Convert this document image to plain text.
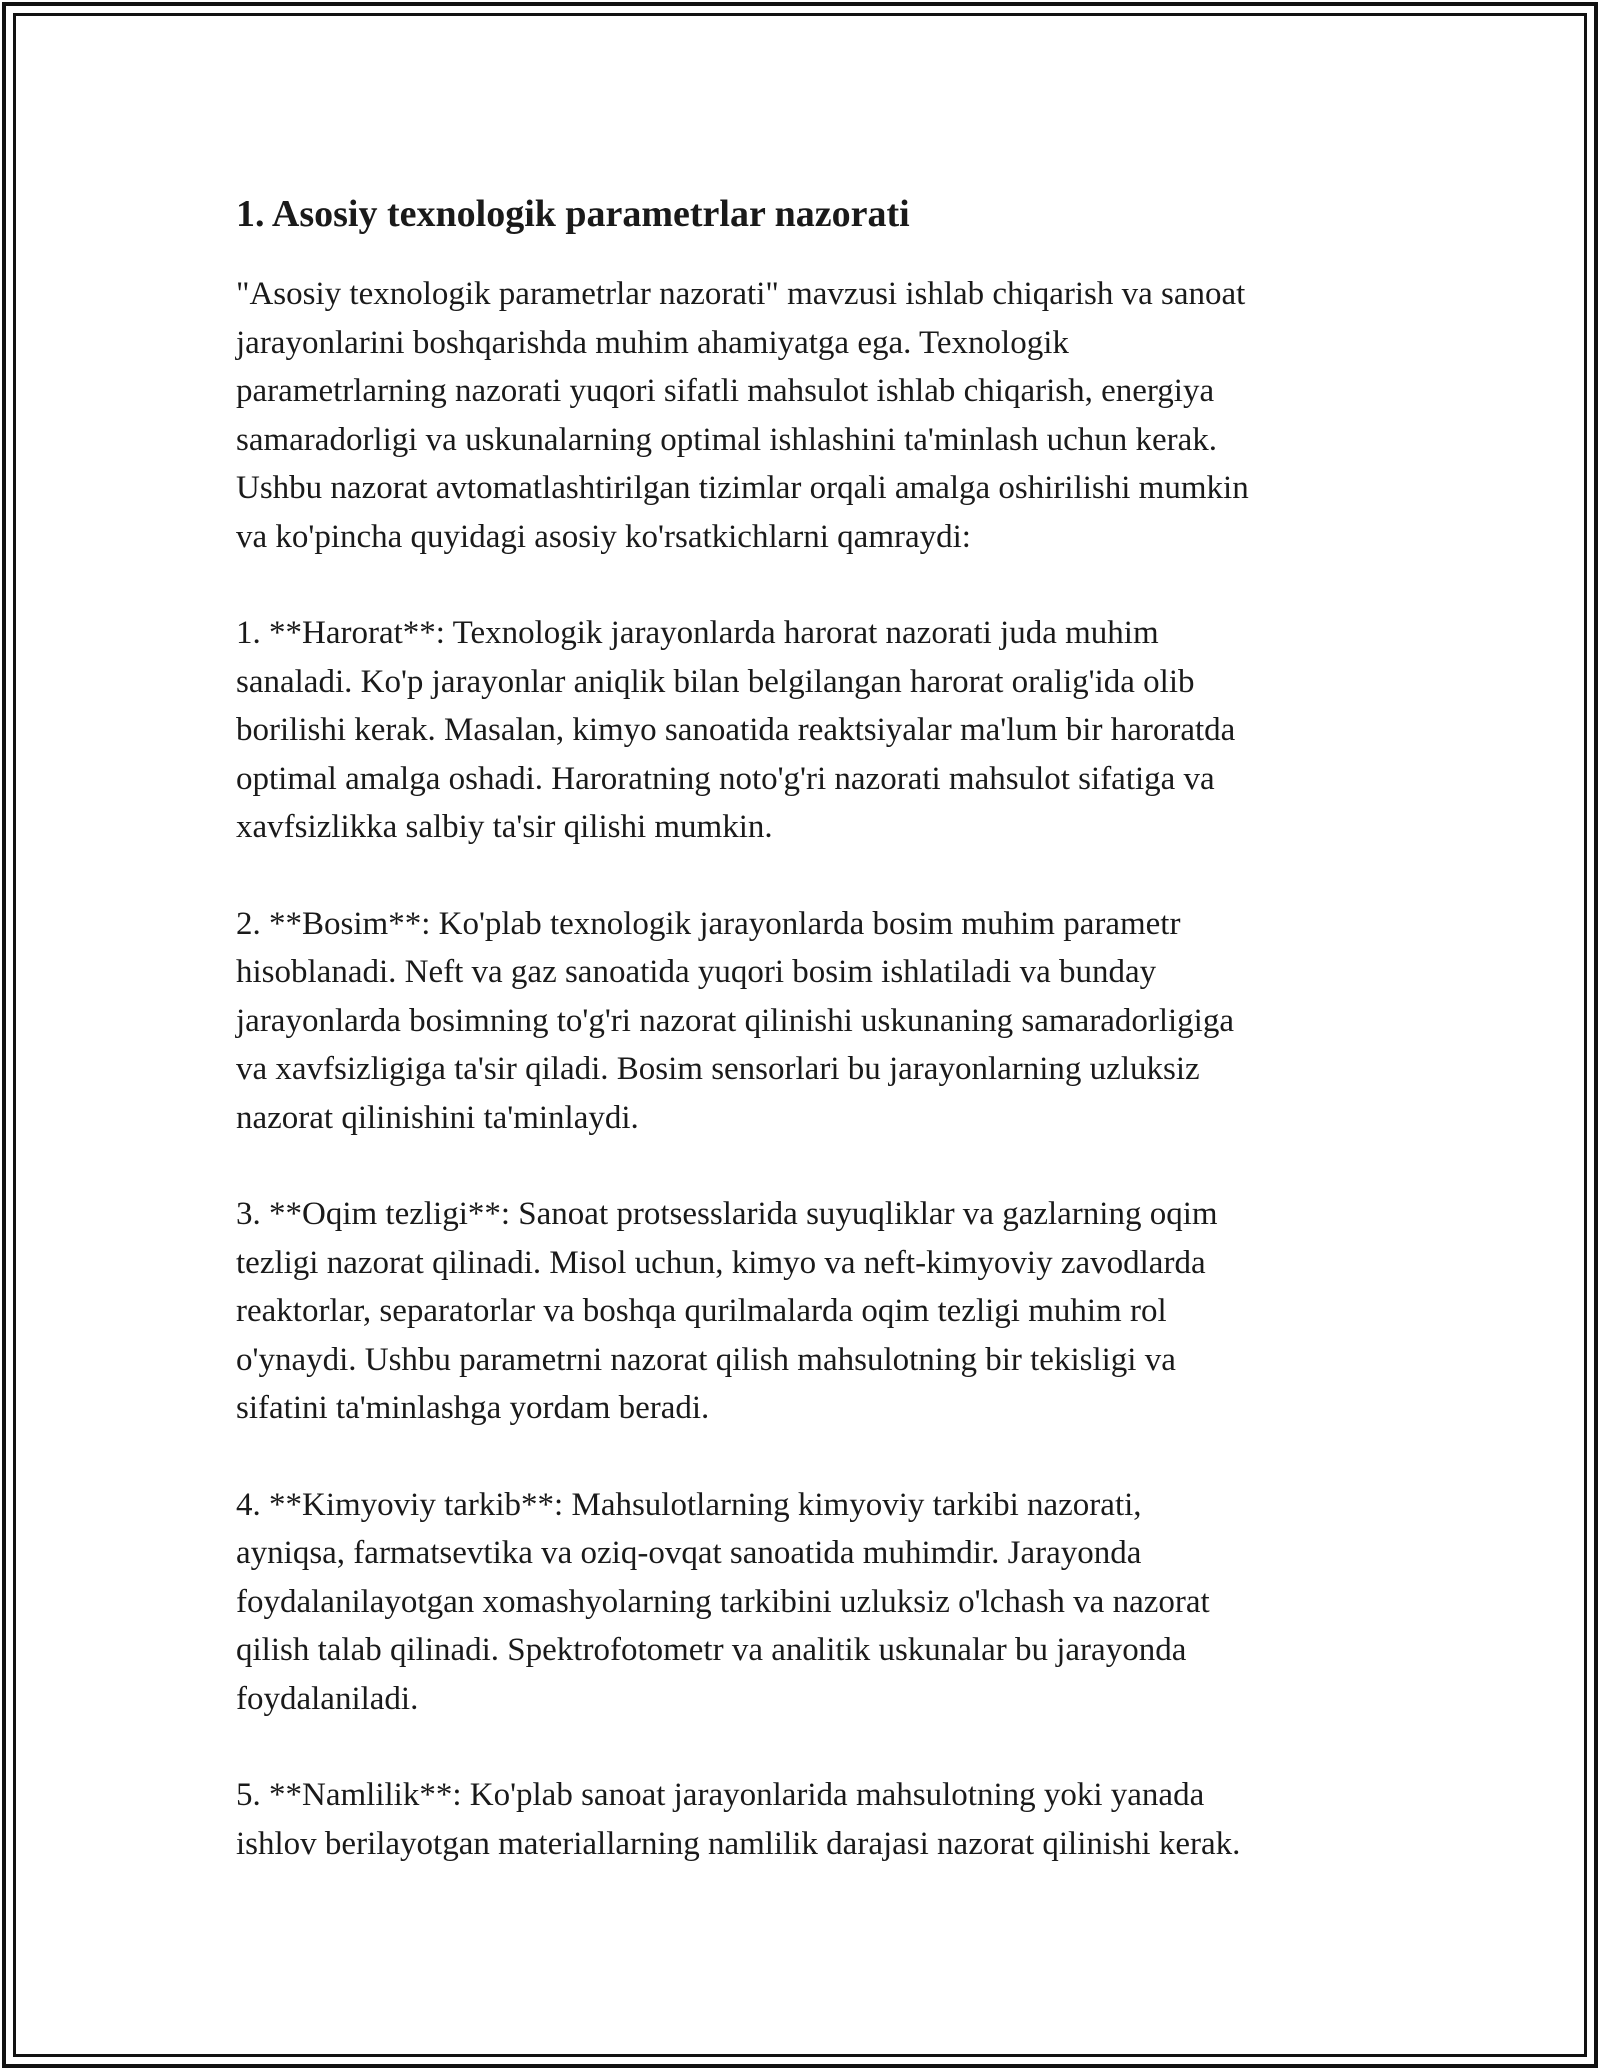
1. Asosiy texnologik parametrlar nazorati

"Asosiy texnologik parametrlar nazorati" mavzusi ishlab chiqarish va sanoat
jarayonlarini boshqarishda muhim ahamiyatga ega. Texnologik
parametrlarning nazorati yuqori sifatli mahsulot ishlab chiqarish, energiya
samaradorligi va uskunalarning optimal ishlashini ta'minlash uchun kerak.
Ushbu nazorat avtomatlashtirilgan tizimlar orqali amalga oshirilishi mumkin
va ko'pincha quyidagi asosiy ko'rsatkichlarni qamraydi:

1. **Harorat**: Texnologik jarayonlarda harorat nazorati juda muhim
sanaladi. Ko'p jarayonlar aniqlik bilan belgilangan harorat oralig'ida olib
borilishi kerak. Masalan, kimyo sanoatida reaktsiyalar ma'lum bir haroratda
optimal amalga oshadi. Haroratning noto'g'ri nazorati mahsulot sifatiga va
xavfsizlikka salbiy ta'sir qilishi mumkin.

2. **Bosim**: Ko'plab texnologik jarayonlarda bosim muhim parametr
hisoblanadi. Neft va gaz sanoatida yuqori bosim ishlatiladi va bunday
jarayonlarda bosimning to'g'ri nazorat qilinishi uskunaning samaradorligiga
va xavfsizligiga ta'sir qiladi. Bosim sensorlari bu jarayonlarning uzluksiz
nazorat qilinishini ta'minlaydi.

3. **Oqim tezligi**: Sanoat protsesslarida suyuqliklar va gazlarning oqim
tezligi nazorat qilinadi. Misol uchun, kimyo va neft-kimyoviy zavodlarda
reaktorlar, separatorlar va boshqa qurilmalarda oqim tezligi muhim rol
o'ynaydi. Ushbu parametrni nazorat qilish mahsulotning bir tekisligi va
sifatini ta'minlashga yordam beradi.

4. **Kimyoviy tarkib**: Mahsulotlarning kimyoviy tarkibi nazorati,
ayniqsa, farmatsevtika va oziq-ovqat sanoatida muhimdir. Jarayonda
foydalanilayotgan xomashyolarning tarkibini uzluksiz o'lchash va nazorat
qilish talab qilinadi. Spektrofotometr va analitik uskunalar bu jarayonda
foydalaniladi.

5. **Namlilik**: Ko'plab sanoat jarayonlarida mahsulotning yoki yanada
ishlov berilayotgan materiallarning namlilik darajasi nazorat qilinishi kerak.
